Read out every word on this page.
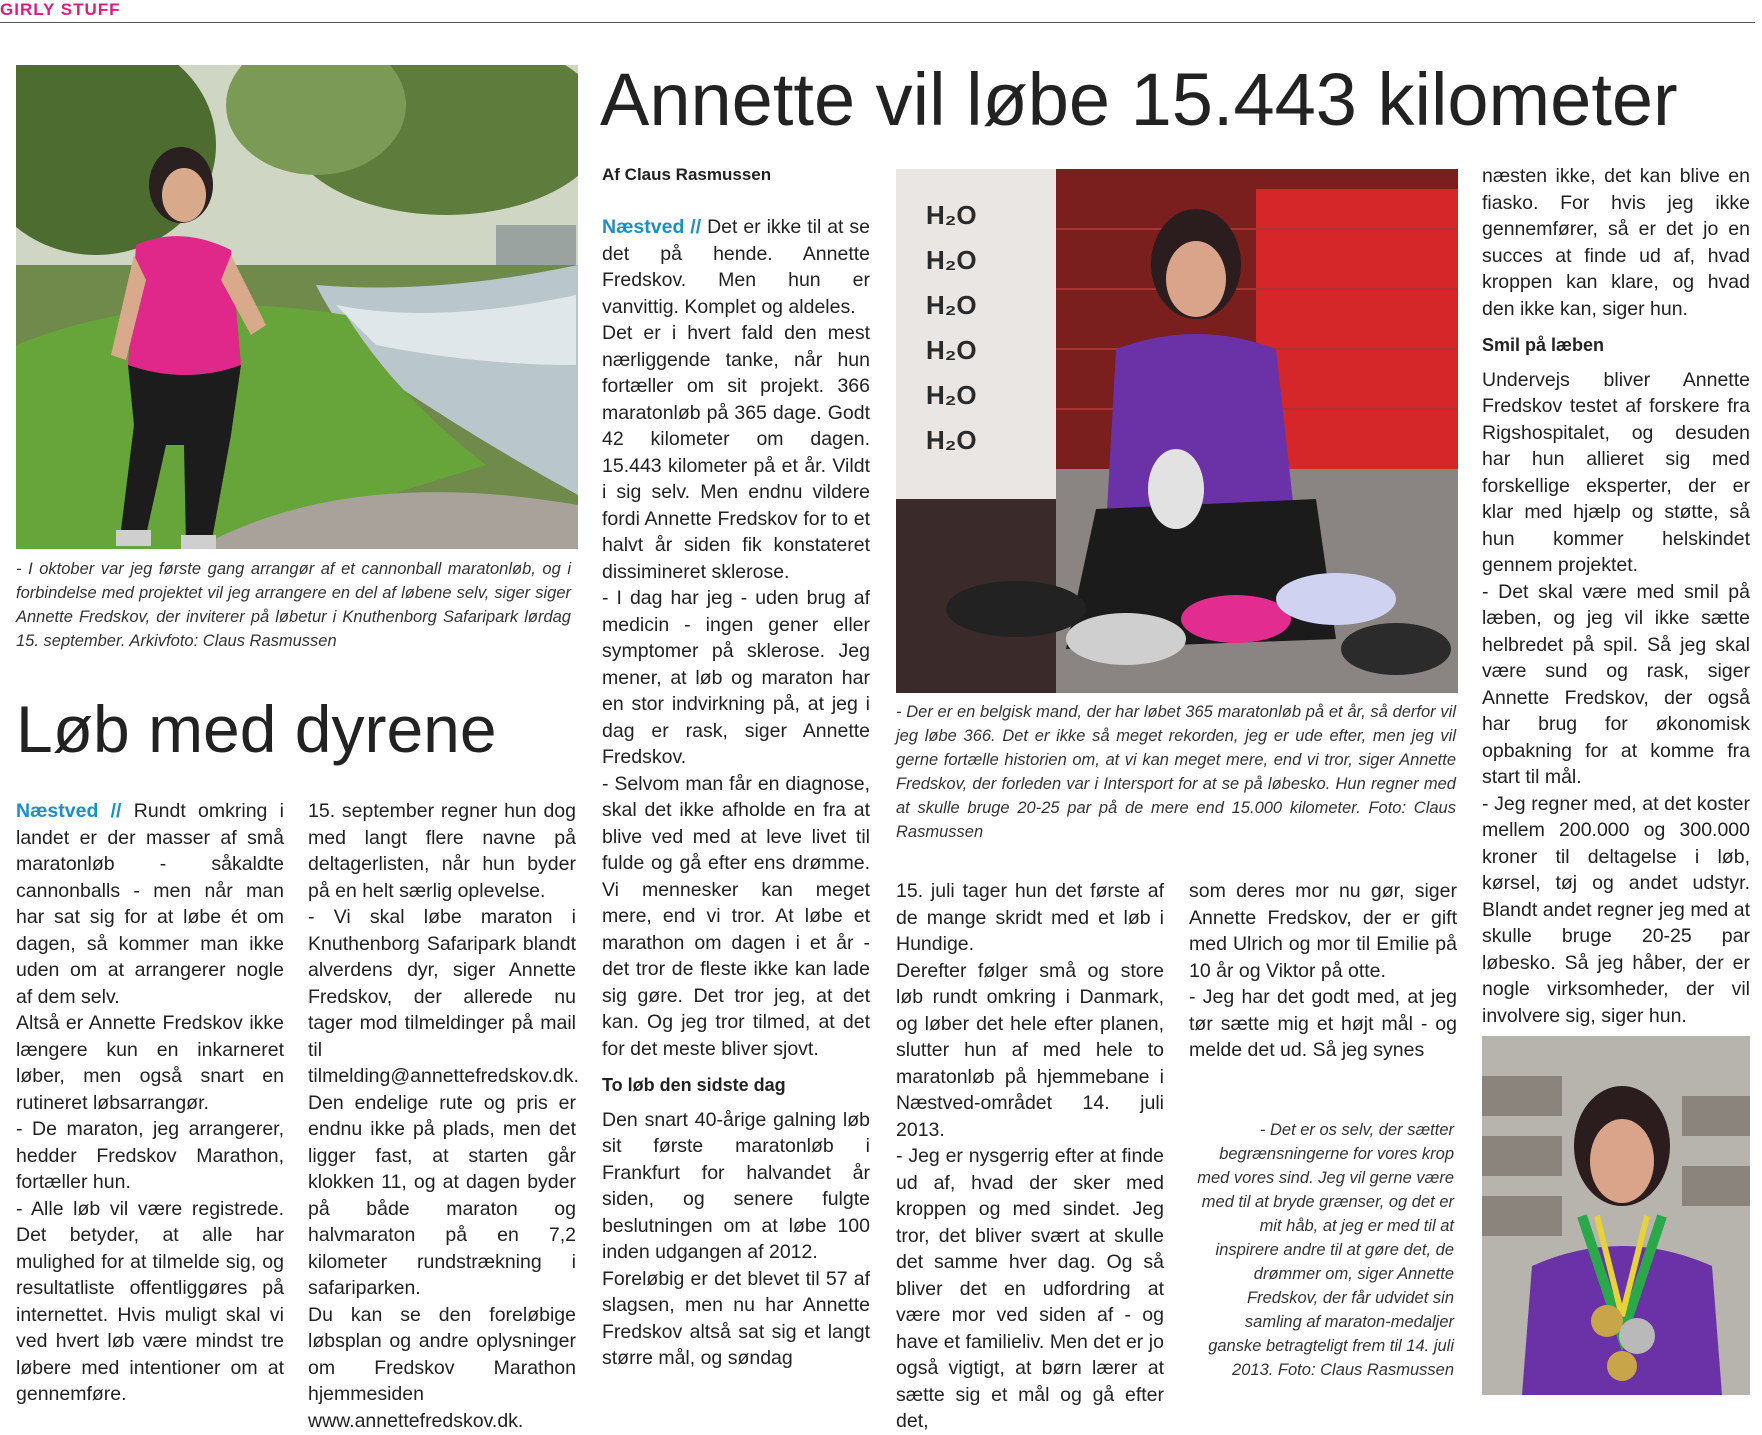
GIRLY STUFF
- I oktober var jeg første gang arrangør af et cannonball maratonløb, og i forbindelse med projektet vil jeg arrangere en del af løbene selv, siger siger Annette Fredskov, der inviterer på løbetur i Knuthenborg Safaripark lørdag 15. september. Arkivfoto: Claus Rasmussen
Løb med dyrene

Næstved // Rundt omkring i landet er der masser af små maratonløb - såkaldte cannonballs - men når man har sat sig for at løbe ét om dagen, så kommer man ikke uden om at arrangerer nogle af dem selv.

Altså er Annette Fredskov ikke længere kun en inkarneret løber, men også snart en rutineret løbsarrangør.

- De maraton, jeg arrangerer, hedder Fredskov Marathon, fortæller hun.

- Alle løb vil være registrede. Det betyder, at alle har mulighed for at tilmelde sig, og resultatliste offentliggøres på internettet. Hvis muligt skal vi ved hvert løb være mindst tre løbere med intentioner om at gennemføre.

15. september regner hun dog med langt flere navne på deltagerlisten, når hun byder på en helt særlig oplevelse.

- Vi skal løbe maraton i Knuthenborg Safaripark blandt alverdens dyr, siger Annette Fredskov, der allerede nu tager mod tilmeldinger på mail til tilmelding@annettefredskov.dk.

Den endelige rute og pris er endnu ikke på plads, men det ligger fast, at starten går klokken 11, og at dagen byder på både maraton og halvmaraton på en 7,2 kilometer rundstrækning i safariparken.

Du kan se den foreløbige løbsplan og andre oplysninger om Fredskov Marathon hjemmesiden www.annettefredskov.dk.

Annette vil løbe 15.443 kilometer
Af Claus Rasmussen

Næstved // Det er ikke til at se det på hende. Annette Fredskov. Men hun er vanvittig. Komplet og aldeles.

Det er i hvert fald den mest nærliggende tanke, når hun fortæller om sit projekt. 366 maratonløb på 365 dage. Godt 42 kilometer om dagen. 15.443 kilometer på et år. Vildt i sig selv. Men endnu vildere fordi Annette Fredskov for to et halvt år siden fik konstateret dissimineret sklerose.

- I dag har jeg - uden brug af medicin - ingen gener eller symptomer på sklerose. Jeg mener, at løb og maraton har en stor indvirkning på, at jeg i dag er rask, siger Annette Fredskov.

- Selvom man får en diagnose, skal det ikke afholde en fra at blive ved med at leve livet til fulde og gå efter ens drømme. Vi mennesker kan meget mere, end vi tror. At løbe et marathon om dagen i et år - det tror de fleste ikke kan lade sig gøre. Det tror jeg, at det kan. Og jeg tror tilmed, at det for det meste bliver sjovt.

To løb den sidste dag

Den snart 40-årige galning løb sit første maratonløb i Frankfurt for halvandet år siden, og senere fulgte beslutningen om at løbe 100 inden udgangen af 2012.

Foreløbig er det blevet til 57 af slagsen, men nu har Annette Fredskov altså sat sig et langt større mål, og søndag

H₂O
H₂O
H₂O
H₂O
H₂O
H₂O
- Der er en belgisk mand, der har løbet 365 maratonløb på et år, så derfor vil jeg løbe 366. Det er ikke så meget rekorden, jeg er ude efter, men jeg vil gerne fortælle historien om, at vi kan meget mere, end vi tror, siger Annette Fredskov, der forleden var i Intersport for at se på løbesko. Hun regner med at skulle bruge 20-25 par på de mere end 15.000 kilometer. Foto: Claus Rasmussen

15. juli tager hun det første af de mange skridt med et løb i Hundige.

Derefter følger små og store løb rundt omkring i Danmark, og løber det hele efter planen, slutter hun af med hele to maratonløb på hjemmebane i Næstved-området 14. juli 2013.

- Jeg er nysgerrig efter at finde ud af, hvad der sker med kroppen og med sindet. Jeg tror, det bliver svært at skulle det samme hver dag. Og så bliver det en udfordring at være mor ved siden af - og have et familieliv. Men det er jo også vigtigt, at børn lærer at sætte sig et mål og gå efter det,

som deres mor nu gør, siger Annette Fredskov, der er gift med Ulrich og mor til Emilie på 10 år og Viktor på otte.

- Jeg har det godt med, at jeg tør sætte mig et højt mål - og melde det ud. Så jeg synes

- Det er os selv, der sætter begrænsningerne for vores krop med vores sind. Jeg vil gerne være med til at bryde grænser, og det er mit håb, at jeg er med til at inspirere andre til at gøre det, de drømmer om, siger Annette Fredskov, der får udvidet sin samling af maraton-medaljer ganske betragteligt frem til 14. juli 2013. Foto: Claus Rasmussen

næsten ikke, det kan blive en fiasko. For hvis jeg ikke gennemfører, så er det jo en succes at finde ud af, hvad kroppen kan klare, og hvad den ikke kan, siger hun.

Smil på læben

Undervejs bliver Annette Fredskov testet af forskere fra Rigshospitalet, og desuden har hun allieret sig med forskellige eksperter, der er klar med hjælp og støtte, så hun kommer helskindet gennem projektet.

- Det skal være med smil på læben, og jeg vil ikke sætte helbredet på spil. Så jeg skal være sund og rask, siger Annette Fredskov, der også har brug for økonomisk opbakning for at komme fra start til mål.

- Jeg regner med, at det koster mellem 200.000 og 300.000 kroner til deltagelse i løb, kørsel, tøj og andet udstyr. Blandt andet regner jeg med at skulle bruge 20-25 par løbesko. Så jeg håber, der er nogle virksomheder, der vil involvere sig, siger hun.
